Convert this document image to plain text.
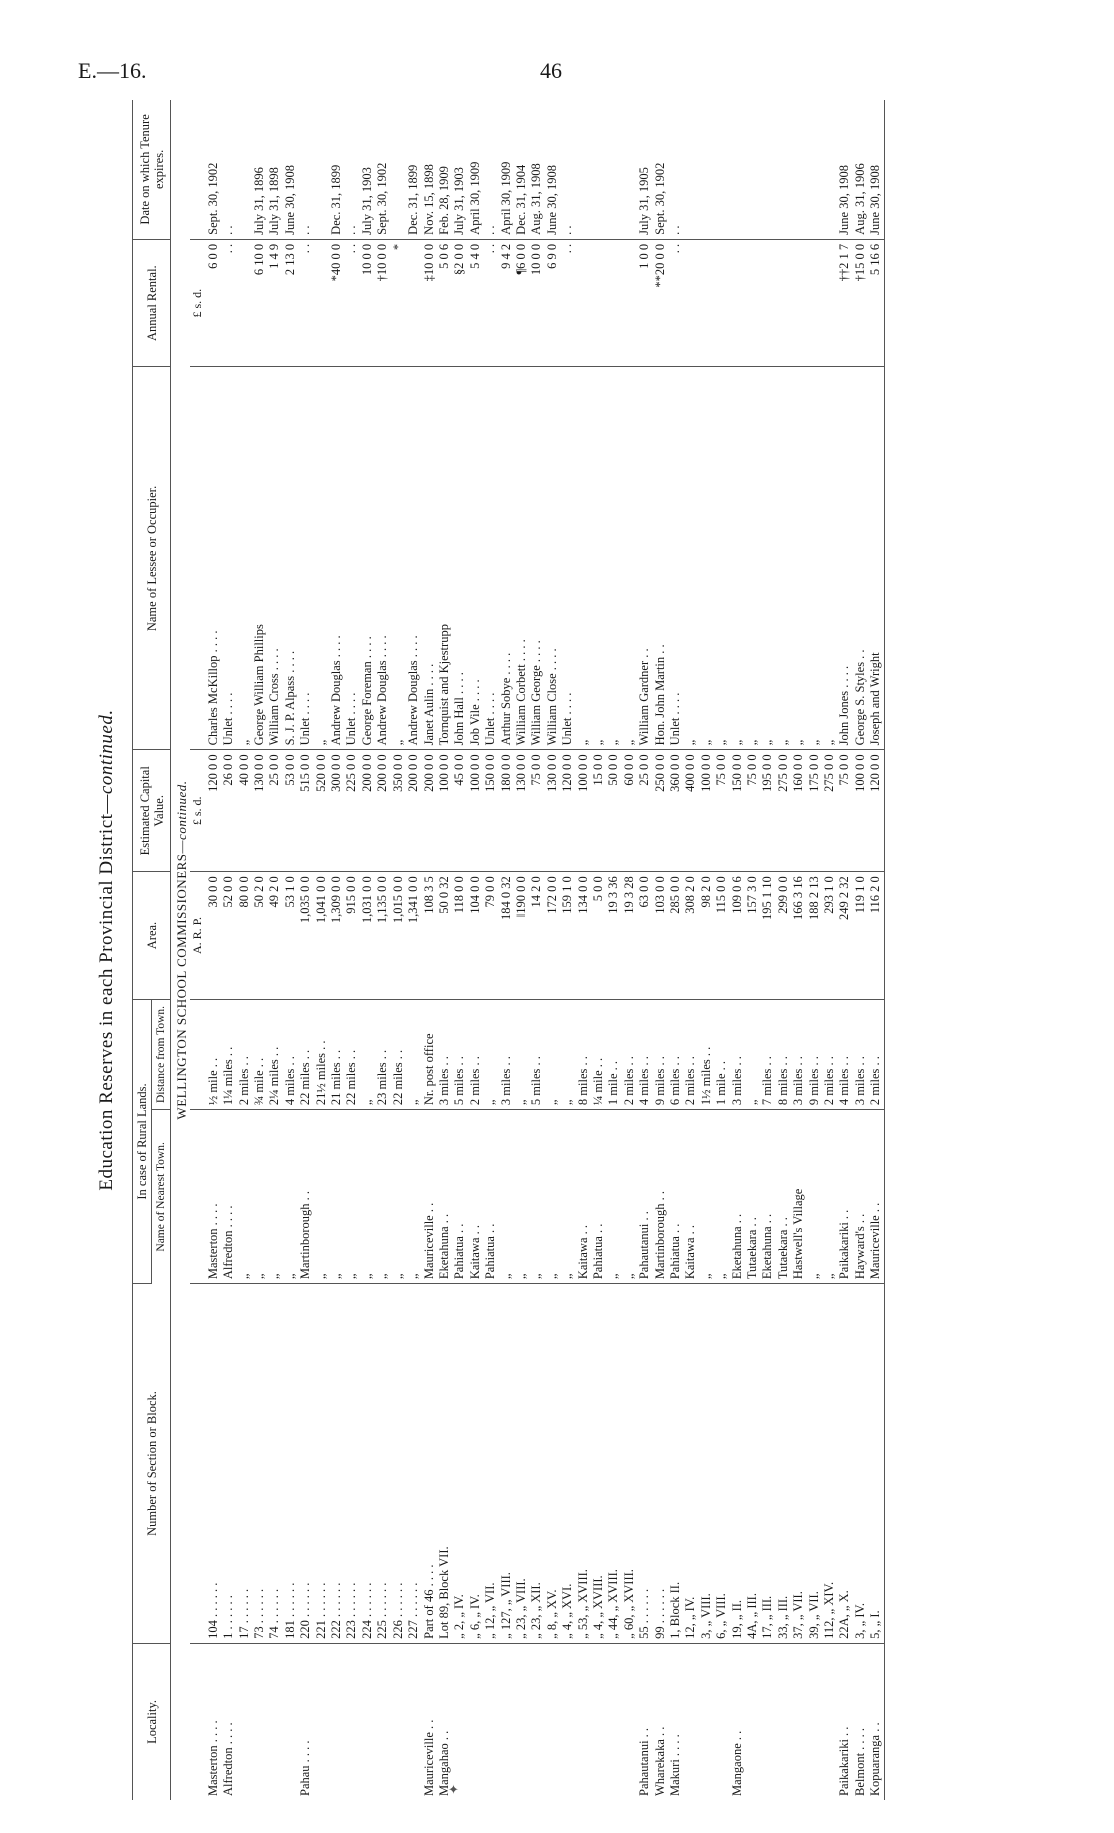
E.—16.	46
Education Reserves in each Provincial District—continued.
Locality.	Number of Section or Block.	In case of Rural Lands.		Area.	Estimated Capital Value.	Name of Lessee or Occupier.	Annual Rental.	Date on which Tenure expires.
		Name of Nearest Town.	Distance from Town.					
WELLINGTON SCHOOL COMMISSIONERS—continued.								
				A. R. P.	£ s. d.		£ s. d.	
Masterton . . . .	104 . . . . . .	Masterton . . . .	½ mile . .	30 0 0	120 0 0	Charles McKillop . . . .	6 0 0	Sept. 30, 1902
Alfredton . . . .	1 . . . . . .	Alfredton . . . .	1¼ miles . .	52 0 0	26 0 0	Unlet . . . .	. .	. .
	17 . . . . . .	„	2 miles . .	80 0 0	40 0 0	„		
	73 . . . . . .	„	¾ mile . .	50 2 0	130 0 0	George William Phillips	6 10 0	July 31, 1896
	74 . . . . . .	„	2¼ miles . .	49 2 0	25 0 0	William Cross . . . .	1 4 9	July 31, 1898
	181 . . . . . .	„	4 miles . .	53 1 0	53 0 0	S. J. P. Alpass . . . .	2 13 0	June 30, 1908
Pahau . . . .	220 . . . . . .	Martinborough . .	22 miles . .	1,035 0 0	515 0 0	Unlet . . . .	. .	. .
	221 . . . . . .	„	21½ miles . .	1,041 0 0	520 0 0	„		
	222 . . . . . .	„	21 miles . .	1,309 0 0	300 0 0	Andrew Douglas . . . .	*40 0 0	Dec. 31, 1899
	223 . . . . . .	„	22 miles . .	915 0 0	225 0 0	Unlet . . . .	. .	. .
	224 . . . . . .	„	„	1,031 0 0	200 0 0	George Foreman . . . .	10 0 0	July 31, 1903
	225 . . . . . .	„	23 miles . .	1,135 0 0	200 0 0	Andrew Douglas . . . .	†10 0 0	Sept. 30, 1902
	226 . . . . . .	„	22 miles . .	1,015 0 0	350 0 0	„	*	
	227 . . . . . .	„	„	1,341 0 0	200 0 0	Andrew Douglas . . . .		Dec. 31, 1899
Mauriceville . .	Part of 46 . . . .	Mauriceville . .	Nr. post office	108 3 5	200 0 0	Janet Aulin . . . .	‡10 0 0	Nov. 15, 1898
Mangahao . .	Lot 89, Block VII.	Eketahuna . .	3 miles . .	50 0 32	100 0 0	Tornquist and Kjestrupp	5 0 6	Feb. 28, 1909
	„ 2, „ IV.	Pahiatua . .	5 miles . .	118 0 0	45 0 0	John Hall . . . .	§2 0 0	July 31, 1903
	„ 6, „ IV.	Kaitawa . .	2 miles . .	104 0 0	100 0 0	Job Vile . . . .	5 4 0	April 30, 1909
	„ 12, „ VII.	Pahiatua . .	„	79 0 0	150 0 0	Unlet . . . .	. .	. .
	„ 127, „ VIII.	„	3 miles . .	184 0 32	180 0 0	Arthur Sobye . . . .	9 4 2	April 30, 1909
	„ 23, „ VIII.	„	„	‖190 0 0	130 0 0	William Corbett . . . .	¶6 0 0	Dec. 31, 1904
	„ 23, „ XII.	„	5 miles . .	14 2 0	75 0 0	William George . . . .	10 0 0	Aug. 31, 1908
	„ 8, „ XV.	„	„	172 0 0	130 0 0	William Close . . . .	6 9 0	June 30, 1908
	„ 4, „ XVI.	„	„	159 1 0	120 0 0	Unlet . . . .	. .	. .
	„ 53, „ XVIII.	Kaitawa . .	8 miles . .	134 0 0	100 0 0	„		
	„ 4, „ XVIII.	Pahiatua . .	¼ mile . .	5 0 0	15 0 0	„		
	„ 44, „ XVIII.	„	1 mile . .	19 3 36	50 0 0	„		
	„ 60, „ XVIII.	„	2 miles . .	19 3 28	60 0 0	„		
Pahautanui . .	55 . . . . . .	Pahautanui . .	4 miles . .	63 0 0	25 0 0	William Gardner . .	1 0 0	July 31, 1905
Wharekaka . .	99 . . . . . .	Martinborough . .	9 miles . .	103 0 0	250 0 0	Hon. John Martin . .	**20 0 0	Sept. 30, 1902
Makuri . . . .	1, Block II.	Pahiatua . .	6 miles . .	285 0 0	360 0 0	Unlet . . . .	. .	. .
	12, „ IV.	Kaitawa . .	2 miles . .	308 2 0	400 0 0	„		
	3, „ VIII.	„	1½ miles . .	98 2 0	100 0 0	„		
	6, „ VIII.	„	1 mile . .	115 0 0	75 0 0	„		
Mangaone . .	19, „ II.	Eketahuna . .	3 miles . .	109 0 6	150 0 0	„		
	4A, „ III.	Tutaekara . .	„	157 3 0	75 0 0	„		
	17, „ III.	Eketahuna . .	7 miles . .	195 1 10	195 0 0	„		
	33, „ III.	Tutaekara . .	8 miles . .	299 0 0	275 0 0	„		
	37, „ VII.	Hastwell's Village	3 miles . .	166 3 16	160 0 0	„		
	39, „ VII.	„	9 miles . .	188 2 13	175 0 0	„		
	112, „ XIV.	„	2 miles . .	293 1 0	275 0 0	„		
Paikakariki . .	22A, „ X.	Paikakariki . .	4 miles . .	249 2 32	75 0 0	John Jones . . . .	††2 1 7	June 30, 1908
Belmont . . . .	3, „ IV.	Hayward's . .	3 miles . .	119 1 0	100 0 0	George S. Styles . .	†15 0 0	Aug. 31, 1906
Kopuaranga . .	5, „ I.	Mauriceville . .	2 miles . .	116 2 0	120 0 0	Joseph and Wright	5 16 6	June 30, 1908
✦
